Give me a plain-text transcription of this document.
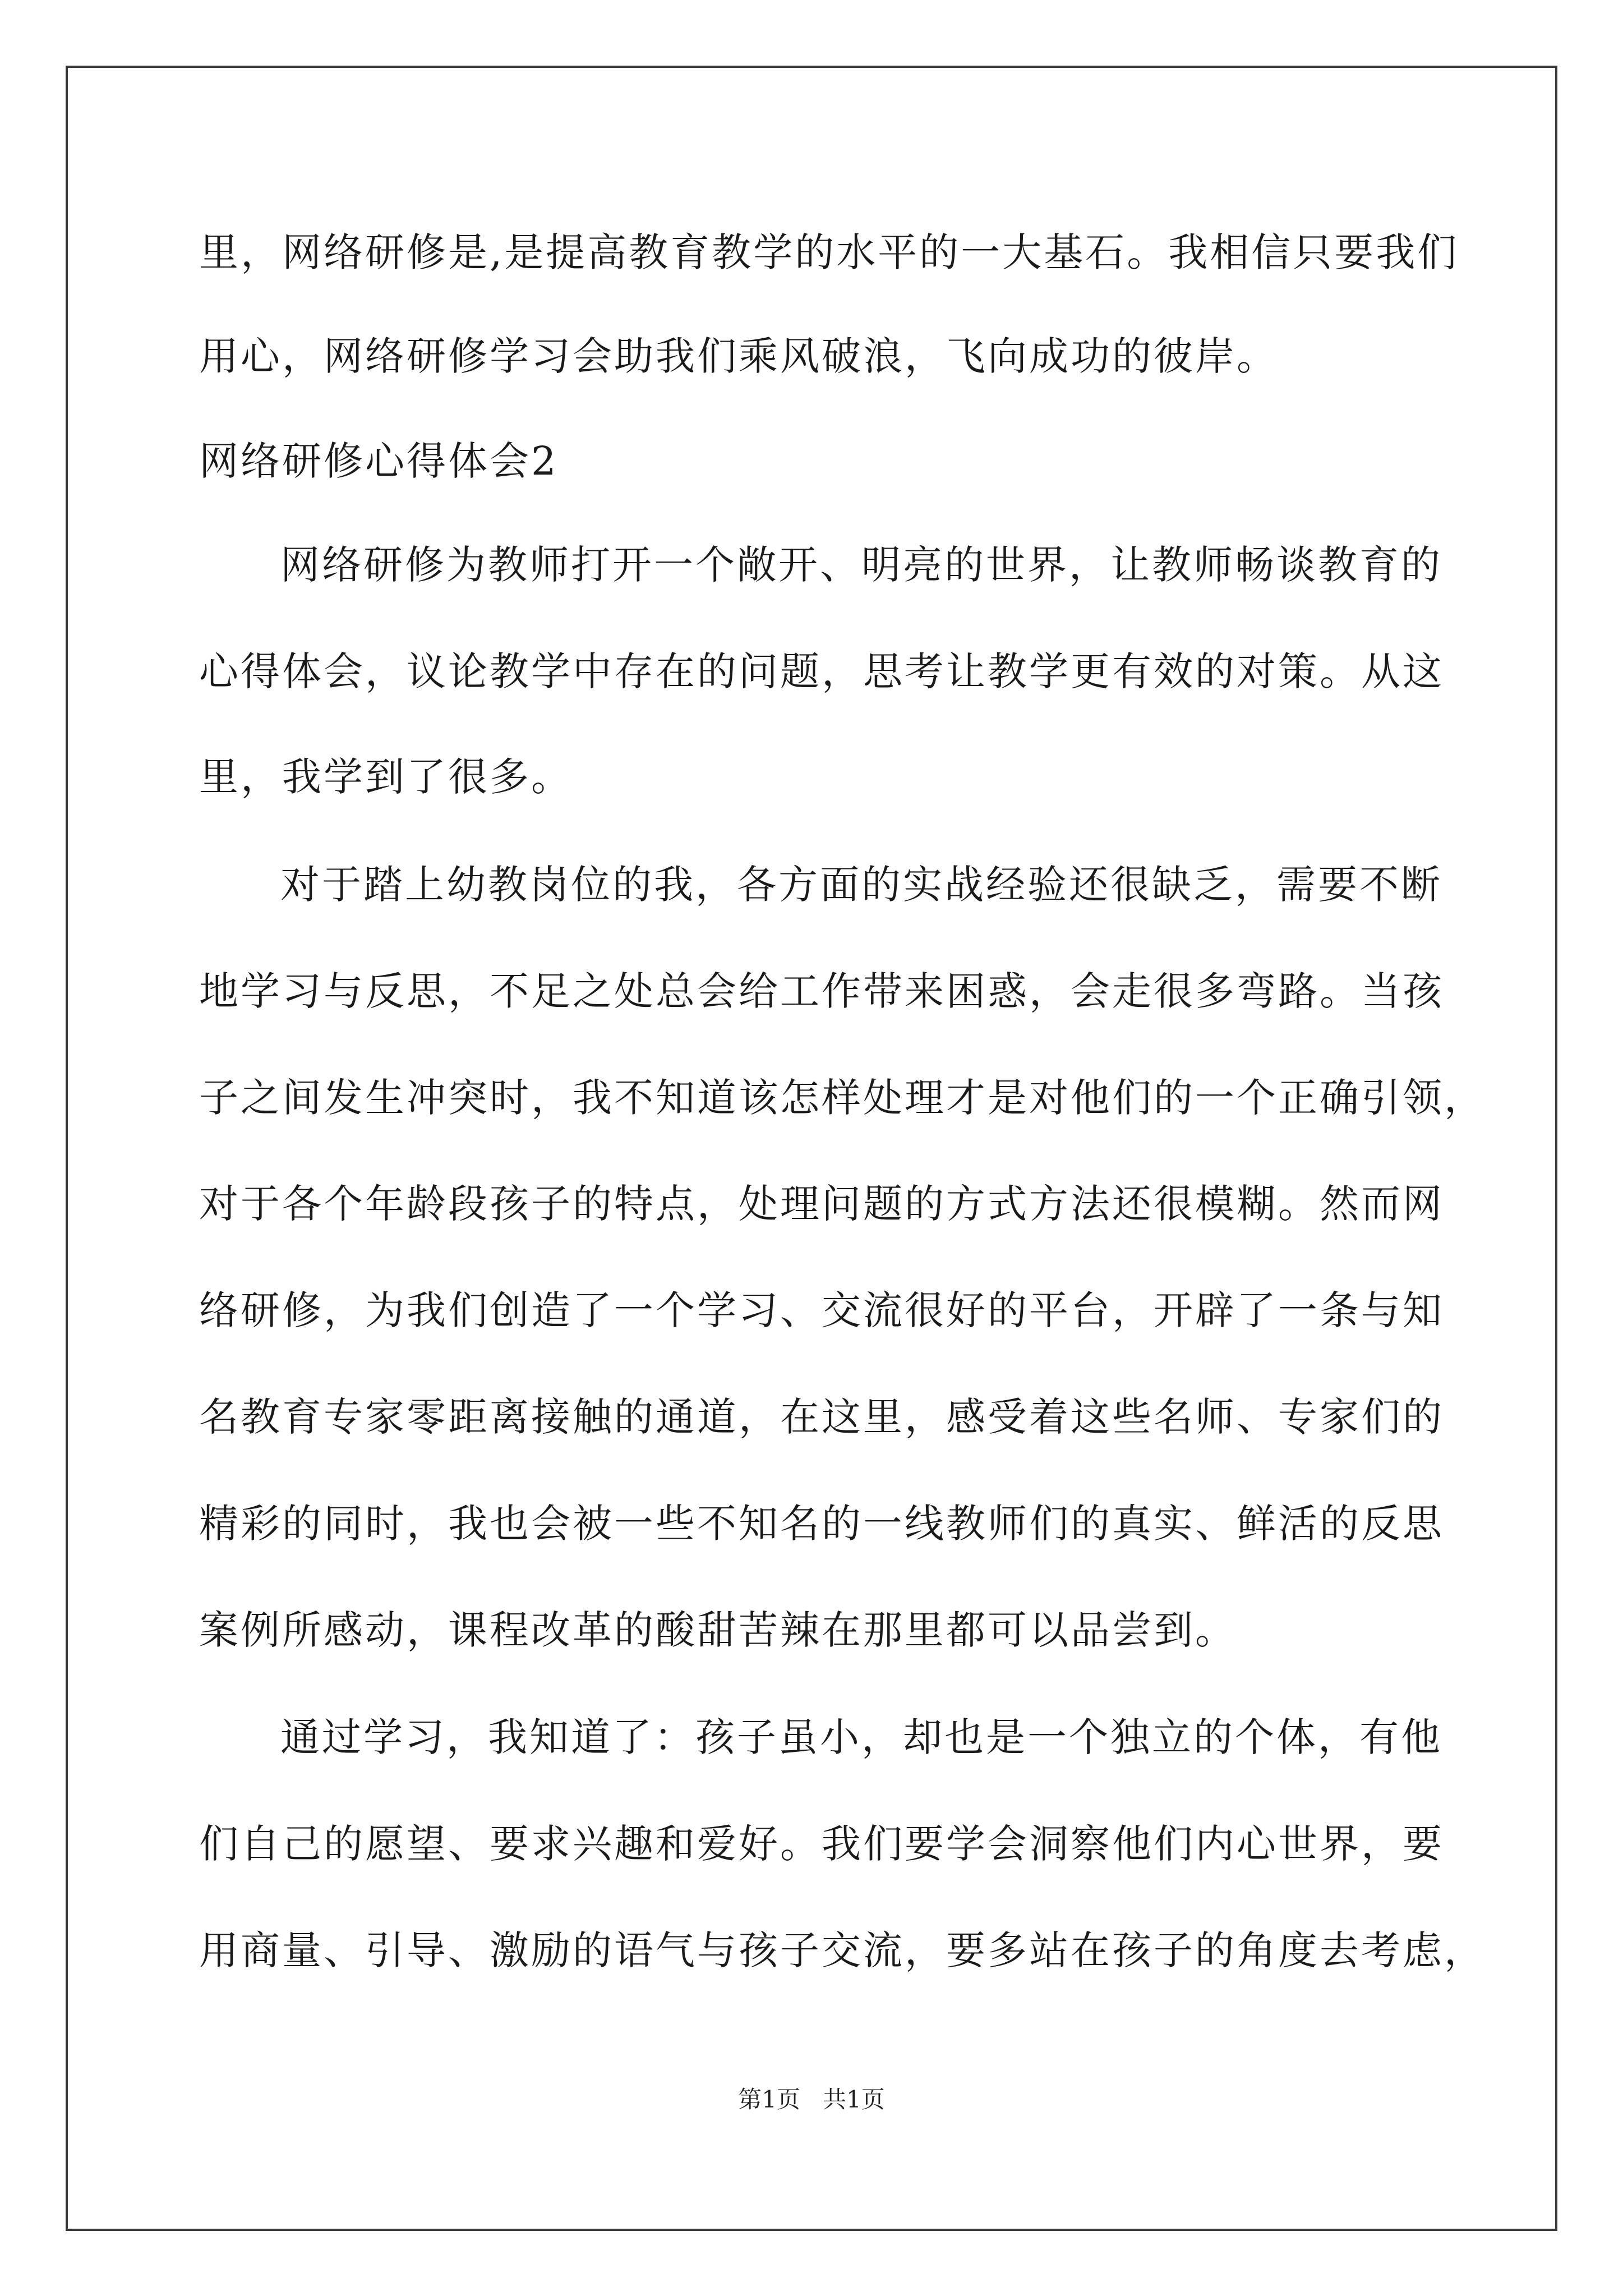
里，网络研修是,是提高教育教学的水平的一大基石。我相信只要我们
用心，网络研修学习会助我们乘风破浪，飞向成功的彼岸。
网络研修心得体会2
网络研修为教师打开一个敞开、明亮的世界，让教师畅谈教育的
心得体会，议论教学中存在的问题，思考让教学更有效的对策。从这
里，我学到了很多。
对于踏上幼教岗位的我，各方面的实战经验还很缺乏，需要不断
地学习与反思，不足之处总会给工作带来困惑，会走很多弯路。当孩
子之间发生冲突时，我不知道该怎样处理才是对他们的一个正确引领，
对于各个年龄段孩子的特点，处理问题的方式方法还很模糊。然而网
络研修，为我们创造了一个学习、交流很好的平台，开辟了一条与知
名教育专家零距离接触的通道，在这里，感受着这些名师、专家们的
精彩的同时，我也会被一些不知名的一线教师们的真实、鲜活的反思
案例所感动，课程改革的酸甜苦辣在那里都可以品尝到。
通过学习，我知道了：孩子虽小，却也是一个独立的个体，有他
们自己的愿望、要求兴趣和爱好。我们要学会洞察他们内心世界，要
用商量、引导、激励的语气与孩子交流，要多站在孩子的角度去考虑，
第1页   共1页
